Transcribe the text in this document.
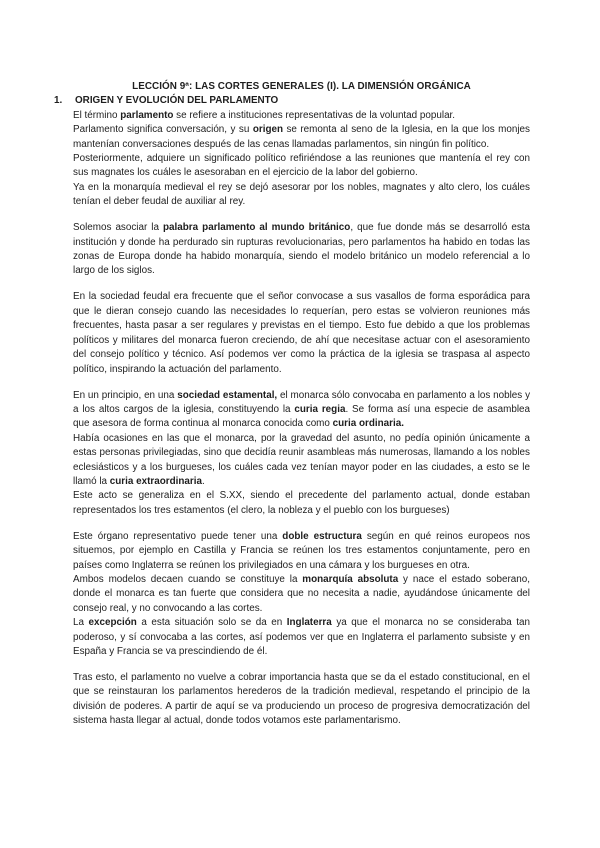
LECCIÓN 9ª: LAS CORTES GENERALES (I). LA DIMENSIÓN ORGÁNICA
1. ORIGEN Y EVOLUCIÓN DEL PARLAMENTO

El término parlamento se refiere a instituciones representativas de la voluntad popular.

Parlamento significa conversación, y su origen se remonta al seno de la Iglesia, en la que los monjes mantenían conversaciones después de las cenas llamadas parlamentos, sin ningún fin político.

Posteriormente, adquiere un significado político refiriéndose a las reuniones que mantenía el rey con sus magnates los cuáles le asesoraban en el ejercicio de la labor del gobierno.

Ya en la monarquía medieval el rey se dejó asesorar por los nobles, magnates y alto clero, los cuáles tenían el deber feudal de auxiliar al rey.

Solemos asociar la palabra parlamento al mundo británico, que fue donde más se desarrolló esta institución y donde ha perdurado sin rupturas revolucionarias, pero parlamentos ha habido en todas las zonas de Europa donde ha habido monarquía, siendo el modelo británico un modelo referencial a lo largo de los siglos.

En la sociedad feudal era frecuente que el señor convocase a sus vasallos de forma esporádica para que le dieran consejo cuando las necesidades lo requerían, pero estas se volvieron reuniones más frecuentes, hasta pasar a ser regulares y previstas en el tiempo. Esto fue debido a que los problemas políticos y militares del monarca fueron creciendo, de ahí que necesitase actuar con el asesoramiento del consejo político y técnico. Así podemos ver como la práctica de la iglesia se traspasa al aspecto político, inspirando la actuación del parlamento.

En un principio, en una sociedad estamental, el monarca sólo convocaba en parlamento a los nobles y a los altos cargos de la iglesia, constituyendo la curia regia. Se forma así una especie de asamblea que asesora de forma continua al monarca conocida como curia ordinaria.

Había ocasiones en las que el monarca, por la gravedad del asunto, no pedía opinión únicamente a estas personas privilegiadas, sino que decidía reunir asambleas más numerosas, llamando a los nobles eclesiásticos y a los burgueses, los cuáles cada vez tenían mayor poder en las ciudades, a esto se le llamó la curia extraordinaria.

Este acto se generaliza en el S.XX, siendo el precedente del parlamento actual, donde estaban representados los tres estamentos (el clero, la nobleza y el pueblo con los burgueses)

Este órgano representativo puede tener una doble estructura según en qué reinos europeos nos situemos, por ejemplo en Castilla y Francia se reúnen los tres estamentos conjuntamente, pero en países como Inglaterra se reúnen los privilegiados en una cámara y los burgueses en otra.

Ambos modelos decaen cuando se constituye la monarquía absoluta y nace el estado soberano, donde el monarca es tan fuerte que considera que no necesita a nadie, ayudándose únicamente del consejo real, y no convocando a las cortes.

La excepción a esta situación solo se da en Inglaterra ya que el monarca no se consideraba tan poderoso, y sí convocaba a las cortes, así podemos ver que en Inglaterra el parlamento subsiste y en España y Francia se va prescindiendo de él.

Tras esto, el parlamento no vuelve a cobrar importancia hasta que se da el estado constitucional, en el que se reinstauran los parlamentos herederos de la tradición medieval, respetando el principio de la división de poderes. A partir de aquí se va produciendo un proceso de progresiva democratización del sistema hasta llegar al actual, donde todos votamos este parlamentarismo.
